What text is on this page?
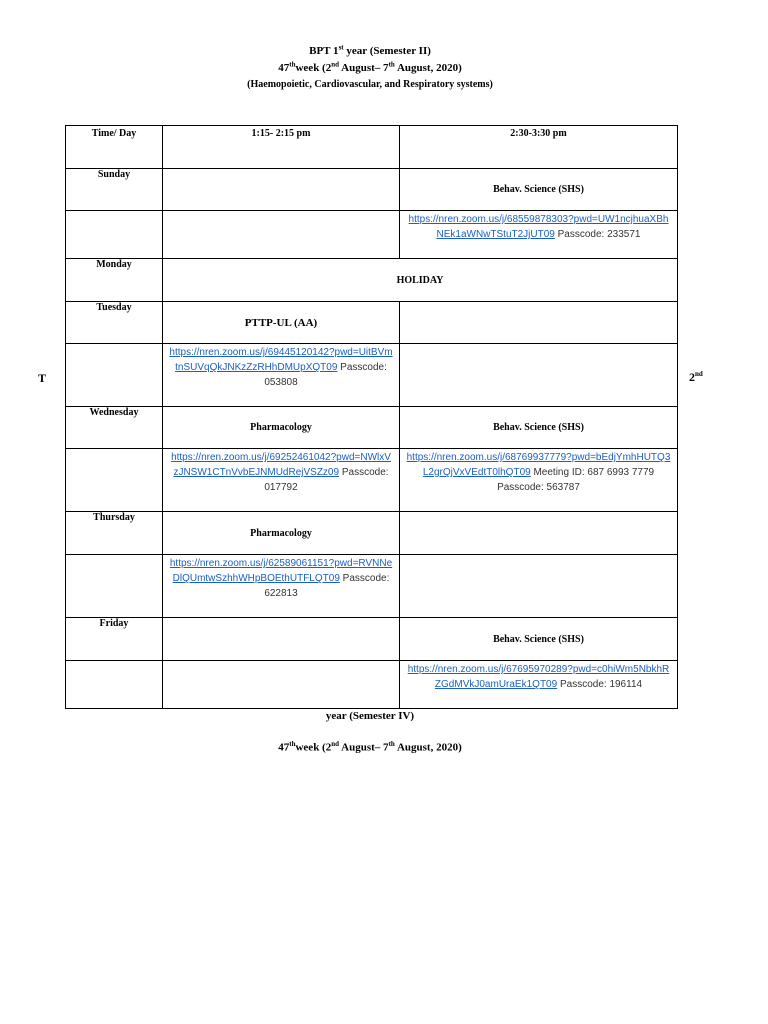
BPT 1st year (Semester II)
47thweek (2nd August– 7th August, 2020)
(Haemopoietic, Cardiovascular, and Respiratory systems)
T	2nd
Time/ Day	1:15- 2:15 pm	2:30-3:30 pm
Sunday		Behav. Science (SHS)
		https://nren.zoom.us/j/68559878303?pwd=UW1ncjhuaXBhNEk1aWNwTStuT2JjUT09 Passcode: 233571
Monday	HOLIDAY	
Tuesday	PTTP-UL (AA)	
	https://nren.zoom.us/j/69445120142?pwd=UitBVmtnSUVqQkJNKzZzRHhDMUpXQT09 Passcode: 053808	
Wednesday	Pharmacology	Behav. Science (SHS)
	https://nren.zoom.us/j/69252461042?pwd=NWlxVzJNSW1CTnVvbEJNMUdRejVSZz09 Passcode: 017792	https://nren.zoom.us/j/68769937779?pwd=bEdjYmhHUTQ3L2grQjVxVEdtT0lhQT09 Meeting ID: 687 6993 7779 Passcode: 563787
Thursday	Pharmacology	
	https://nren.zoom.us/j/62589061151?pwd=RVNNeDlQUmtwSzhhWHpBOEthUTFLQT09 Passcode: 622813	
Friday		Behav. Science (SHS)
		https://nren.zoom.us/j/67695970289?pwd=c0hiWm5NbkhRZGdMVkJ0amUraEk1QT09 Passcode: 196114
year (Semester IV)
47thweek (2nd August– 7th August, 2020)
